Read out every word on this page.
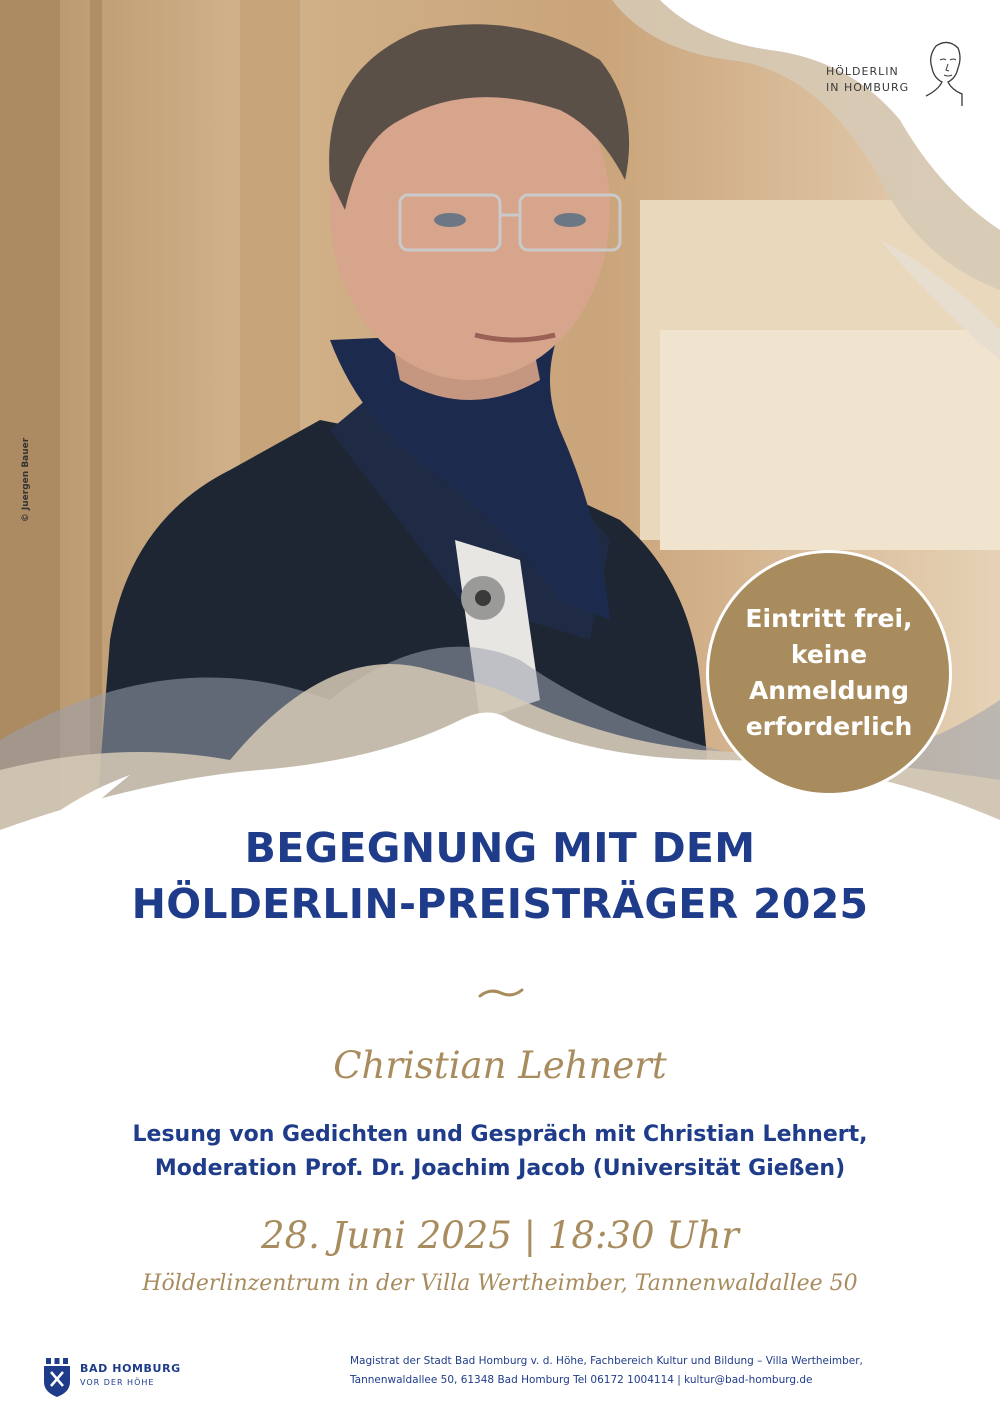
© Juergen Bauer
HÖLDERLIN
IN HOMBURG
Eintritt frei, keine Anmeldung erforderlich
BEGEGNUNG MIT DEM
HÖLDERLIN-PREISTRÄGER 2025
Christian Lehnert
Lesung von Gedichten und Gespräch mit Christian Lehnert,
Moderation Prof. Dr. Joachim Jacob (Universität Gießen)
28. Juni 2025 | 18:30 Uhr
Hölderlinzentrum in der Villa Wertheimber, Tannenwaldallee 50
BAD HOMBURG
VOR DER HÖHE
Magistrat der Stadt Bad Homburg v. d. Höhe, Fachbereich Kultur und Bildung – Villa Wertheimber,
Tannenwaldallee 50, 61348 Bad Homburg Tel 06172 1004114 | kultur@bad-homburg.de
